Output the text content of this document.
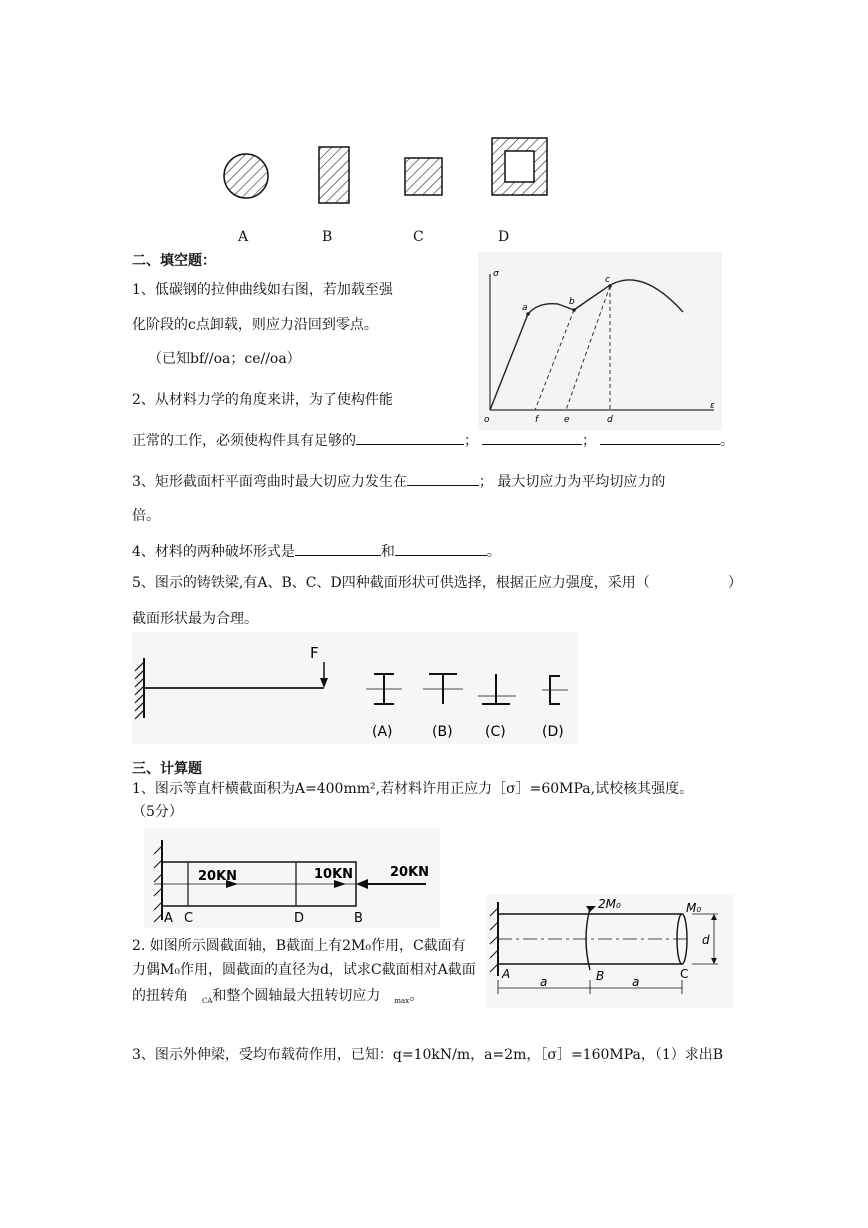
A	B	C	D
二、填空题：
1、低碳钢的拉伸曲线如右图，若加载至强
化阶段的c点卸载，则应力沿回到零点。
（已知bf//oa；ce//oa）
2、从材料力学的角度来讲，为了使构件能
正常的工作，必须使构件具有足够的	；	；	。
3、矩形截面杆平面弯曲时最大切应力发生在	； 最大切应力为平均切应力的
倍。
4、材料的两种破坏形式是	和	。
5、图示的铸铁梁,有A、B、C、D四种截面形状可供选择，根据正应力强度，采用（	）
截面形状最为合理。
σ
a
b
c
o	f	e	d
ε
F
(A)	(B) (C)	(D)
三、计算题
1、图示等直杆横截面积为A=400mm²,若材料许用正应力［σ］=60MPa,试校核其强度。
（5分）
20KN	10KN	20KN
A C	D	B
2. 如图所示圆截面轴，B截面上有2M₀作用，C截面有
力偶M₀作用，圆截面的直径为d，试求C截面相对A截面
的扭转角 $_{CA}$和整个圆轴最大扭转切应力 $_{max}$。
2M₀	M₀
A	B	C
a	a
d
3、图示外伸梁，受均布载荷作用，已知：q=10kN/m，a=2m，［σ］=160MPa，（1）求出B
